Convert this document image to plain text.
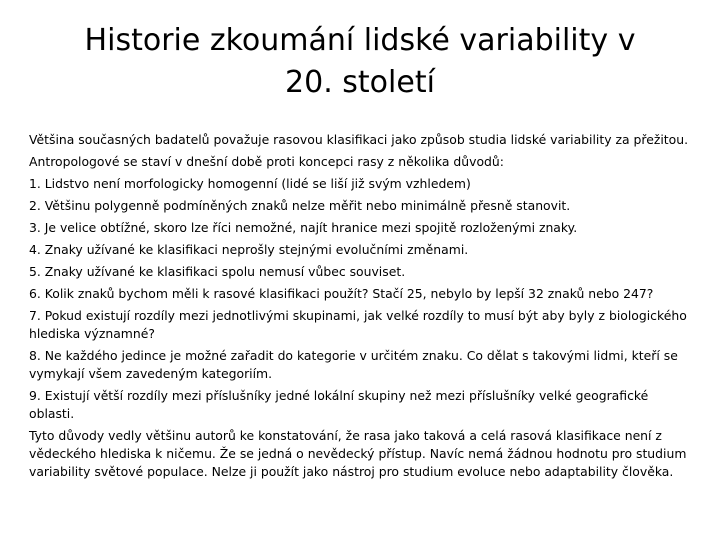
Historie zkoumání lidské variability v
20. století

Většina současných badatelů považuje rasovou klasifikaci jako způsob studia lidské variability za přežitou.

Antropologové se staví v dnešní době proti koncepci rasy z několika důvodů:

1. Lidstvo není morfologicky homogenní (lidé se liší již svým vzhledem)

2. Většinu polygenně podmíněných znaků nelze měřit nebo minimálně přesně stanovit.

3. Je velice obtížné, skoro lze říci nemožné, najít hranice mezi spojitě rozloženými znaky.

4. Znaky užívané ke klasifikaci neprošly stejnými evolučními změnami.

5. Znaky užívané ke klasifikaci spolu nemusí vůbec souviset.

6. Kolik znaků bychom měli k rasové klasifikaci použít? Stačí 25, nebylo by lepší 32 znaků nebo 247?

7. Pokud existují rozdíly mezi jednotlivými skupinami, jak velké rozdíly to musí být aby byly z biologického hlediska významné?

8. Ne každého jedince je možné zařadit do kategorie v určitém znaku. Co dělat s takovými lidmi, kteří se vymykají všem zavedeným kategoriím.

9. Existují větší rozdíly mezi příslušníky jedné lokální skupiny než mezi příslušníky velké geografické oblasti.

Tyto důvody vedly většinu autorů ke konstatování, že rasa jako taková a celá rasová klasifikace není z vědeckého hlediska k ničemu. Že se jedná o nevědecký přístup. Navíc nemá žádnou hodnotu pro studium variability světové populace. Nelze ji použít jako nástroj pro studium evoluce nebo adaptability člověka.
